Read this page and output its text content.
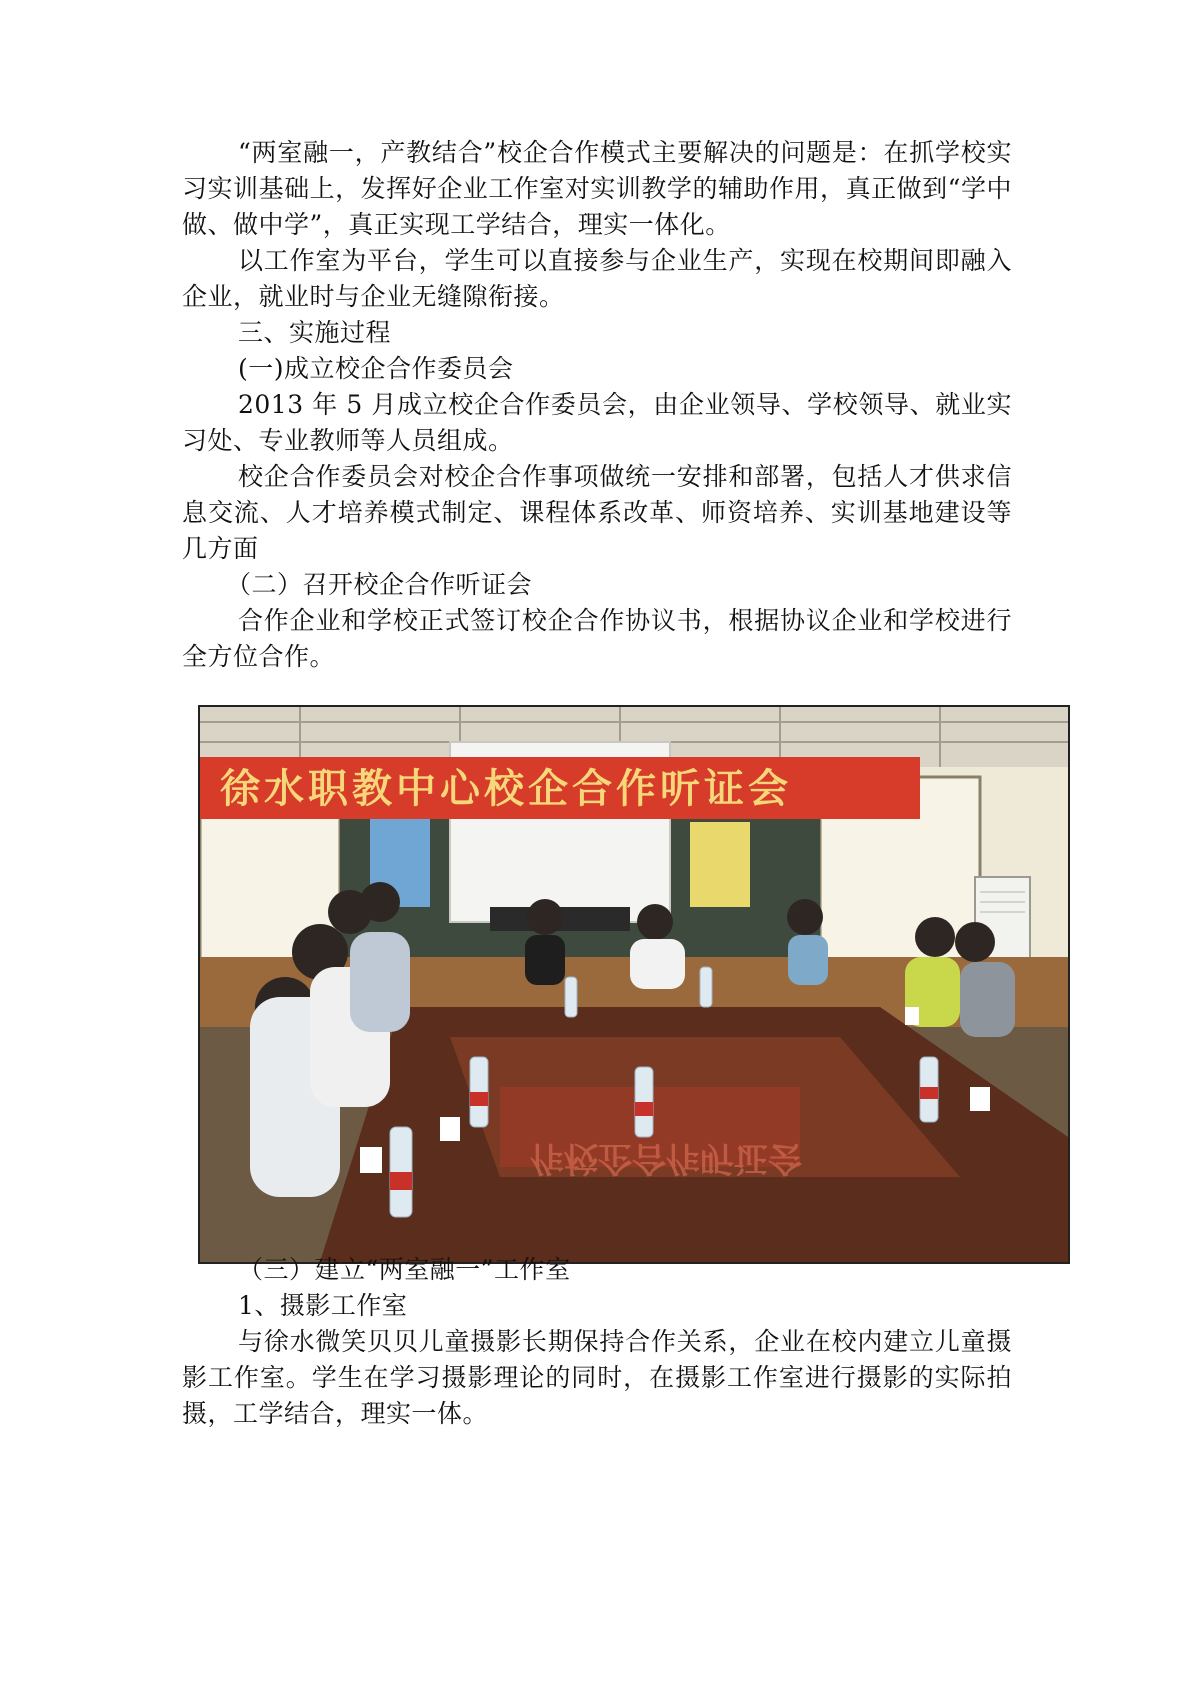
“两室融一，产教结合”校企合作模式主要解决的问题是：在抓学校实习实训基础上，发挥好企业工作室对实训教学的辅助作用，真正做到“学中做、做中学”，真正实现工学结合，理实一体化。

以工作室为平台，学生可以直接参与企业生产，实现在校期间即融入企业，就业时与企业无缝隙衔接。

三、实施过程

(一)成立校企合作委员会

2013 年 5 月成立校企合作委员会，由企业领导、学校领导、就业实习处、专业教师等人员组成。

校企合作委员会对校企合作事项做统一安排和部署，包括人才供求信息交流、人才培养模式制定、课程体系改革、师资培养、实训基地建设等几方面

（二）召开校企合作听证会

合作企业和学校正式签订校企合作协议书，根据协议企业和学校进行全方位合作。

徐水职教中心校企合作听证会
作校企合作听证会
（三）建立“两室融一”工作室

1、摄影工作室

与徐水微笑贝贝儿童摄影长期保持合作关系，企业在校内建立儿童摄影工作室。学生在学习摄影理论的同时，在摄影工作室进行摄影的实际拍摄，工学结合，理实一体。
